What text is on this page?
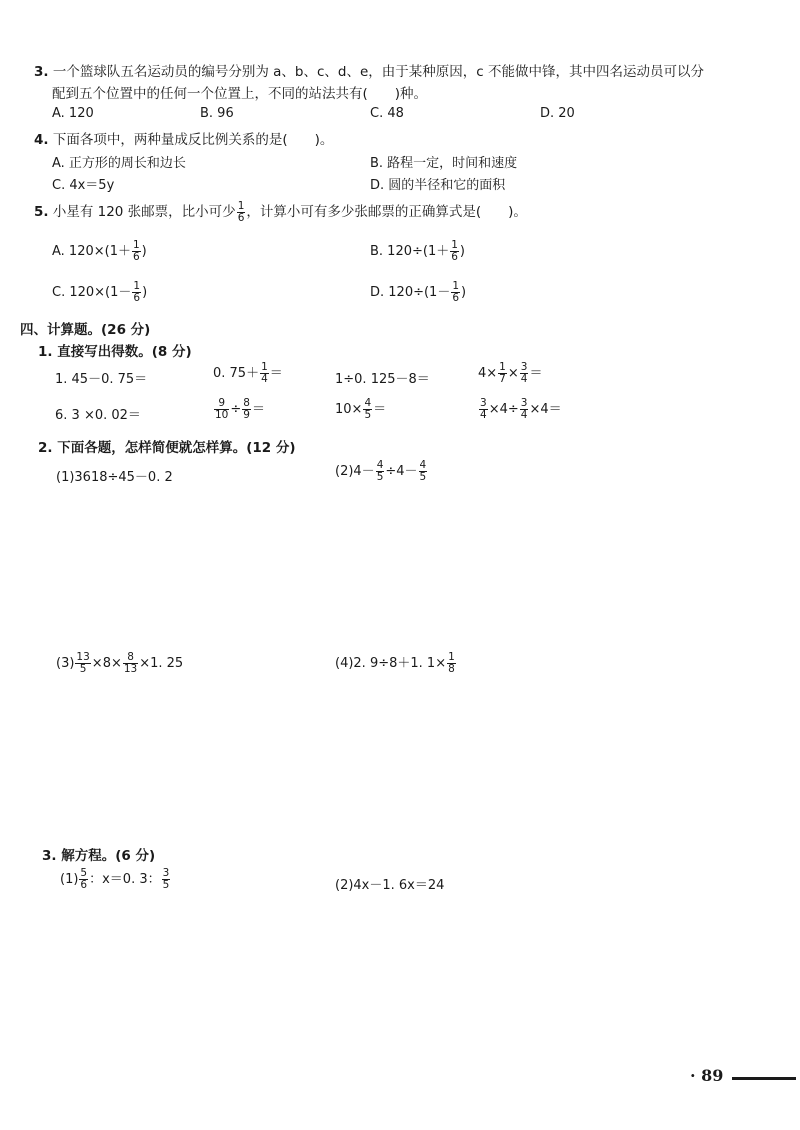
3. 一个篮球队五名运动员的编号分别为 a、b、c、d、e，由于某种原因，c 不能做中锋，其中四名运动员可以分
配到五个位置中的任何一个位置上，不同的站法共有(　　)种。
A. 120	B. 96	C. 48	D. 20
4. 下面各项中，两种量成反比例关系的是(　　)。
A. 正方形的周长和边长	B. 路程一定，时间和速度
C. 4x＝5y	D. 圆的半径和它的面积
5. 小星有 120 张邮票，比小可少 $\frac{1}{6}$ ，计算小可有多少张邮票的正确算式是(　　)。
A. $120\times(1+ \frac{1}{6}$ )	B. $120\div(1+ \frac{1}{6}$ )
C. $120\times(1- \frac{1}{6}$ )	D. $120\div(1- \frac{1}{6}$ )
四、计算题。(26 分)
1. 直接写出得数。(8 分)
1. 45－0. 75＝	0. $75+ \frac{1}{4}$ ＝	1÷0. 125－8＝	$4\times \frac{1}{7} \times \frac{3}{4}$ ＝
6. 3 ×0. 02＝	$\frac{9}{10} \div \frac{8}{9}$ ＝	$10\times \frac{4}{5}$ ＝	$\frac{3}{4} \times 4\div \frac{3}{4} \times 4=$
2. 下面各题，怎样简便就怎样算。(12 分)
(1)3618÷45－0. 2	$(2)4- \frac{4}{5} \div 4- \frac{4}{5}$
$(3) \frac{13}{5} \times 8\times \frac{8}{13} \times 1$. 25	(4)2. 9÷8＋1. $1\times \frac{1}{8}$
3. 解方程。(6 分)
$(1) \frac{5}{6}$ ：x＝0. 3： $\frac{3}{5}$	(2)4x－1. 6x＝24
· 89
